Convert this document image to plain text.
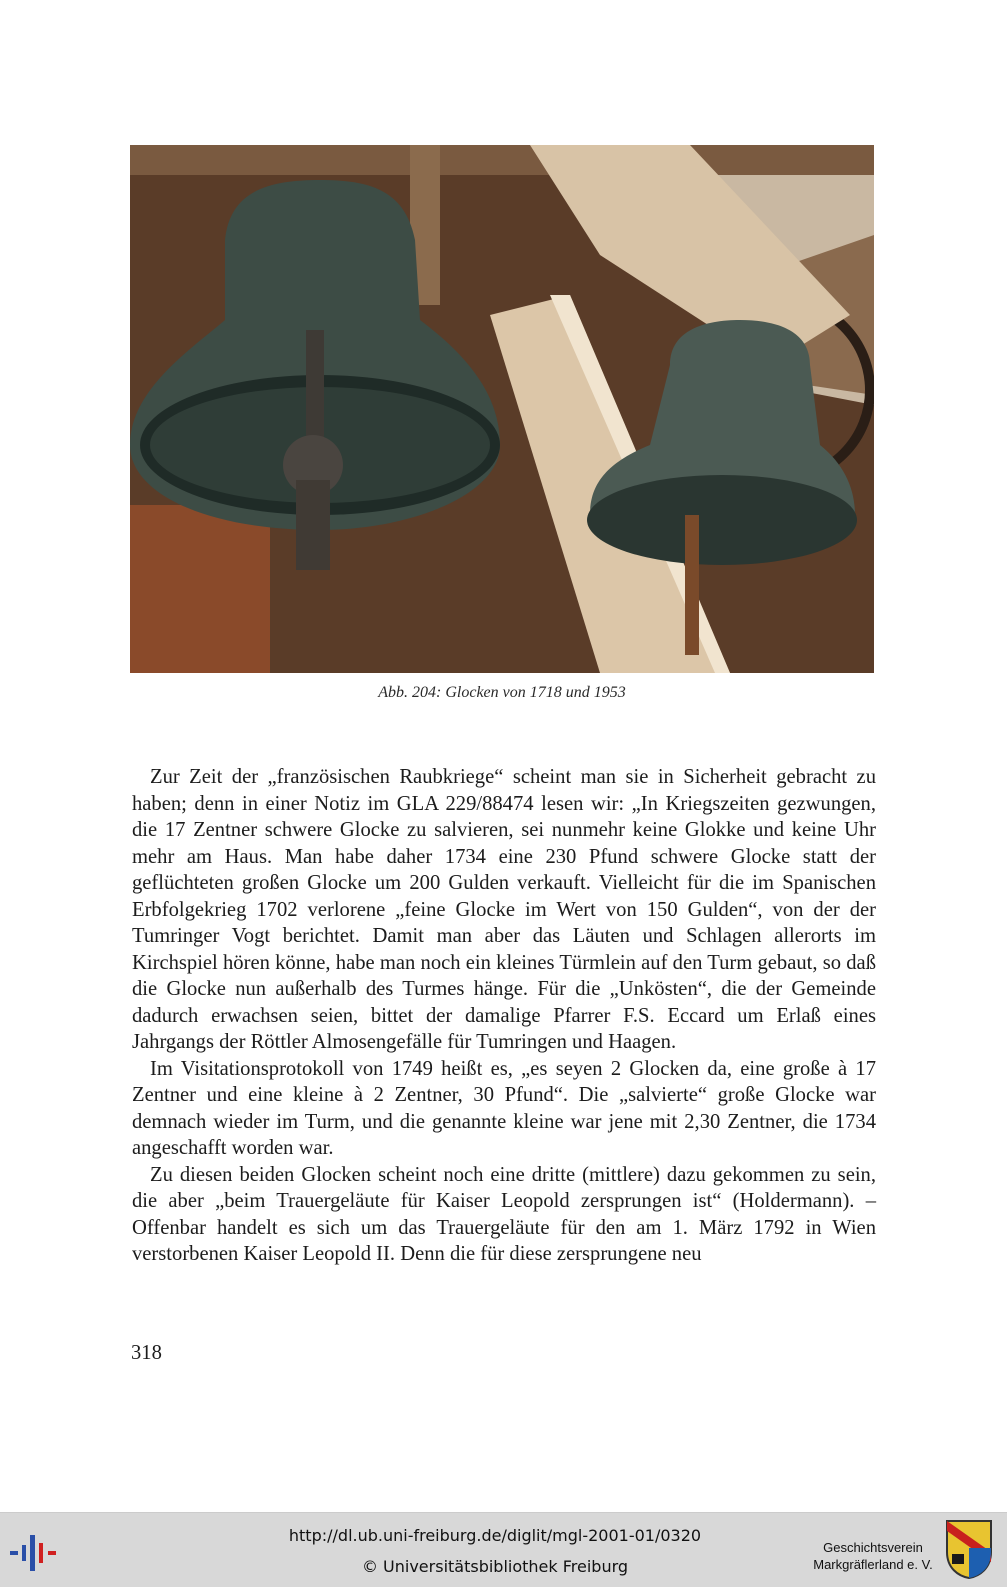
Abb. 204: Glocken von 1718 und 1953

Zur Zeit der „französischen Raubkriege“ scheint man sie in Sicherheit gebracht zu haben; denn in einer Notiz im GLA 229/88474 lesen wir: „In Kriegszeiten gezwungen, die 17 Zentner schwere Glocke zu salvieren, sei nunmehr keine Glokke und keine Uhr mehr am Haus. Man habe daher 1734 eine 230 Pfund schwere Glocke statt der geflüchteten großen Glocke um 200 Gulden verkauft. Vielleicht für die im Spanischen Erbfolgekrieg 1702 verlorene „feine Glocke im Wert von 150 Gulden“, von der der Tumringer Vogt berichtet. Damit man aber das Läuten und Schlagen allerorts im Kirchspiel hören könne, habe man noch ein kleines Türmlein auf den Turm gebaut, so daß die Glocke nun außerhalb des Turmes hänge. Für die „Unkösten“, die der Gemeinde dadurch erwachsen seien, bittet der damalige Pfarrer F.S. Eccard um Erlaß eines Jahrgangs der Röttler Almosengefälle für Tumringen und Haagen.

Im Visitationsprotokoll von 1749 heißt es, „es seyen 2 Glocken da, eine große à 17 Zentner und eine kleine à 2 Zentner, 30 Pfund“. Die „salvierte“ große Glocke war demnach wieder im Turm, und die genannte kleine war jene mit 2,30 Zentner, die 1734 angeschafft worden war.

Zu diesen beiden Glocken scheint noch eine dritte (mittlere) dazu gekommen zu sein, die aber „beim Trauergeläute für Kaiser Leopold zersprungen ist“ (Holdermann). – Offenbar handelt es sich um das Trauergeläute für den am 1. März 1792 in Wien verstorbenen Kaiser Leopold II. Denn die für diese zersprungene neu

318
http://dl.ub.uni-freiburg.de/diglit/mgl-2001-01/0320
© Universitätsbibliothek Freiburg
Geschichtsverein
Markgräflerland e. V.
